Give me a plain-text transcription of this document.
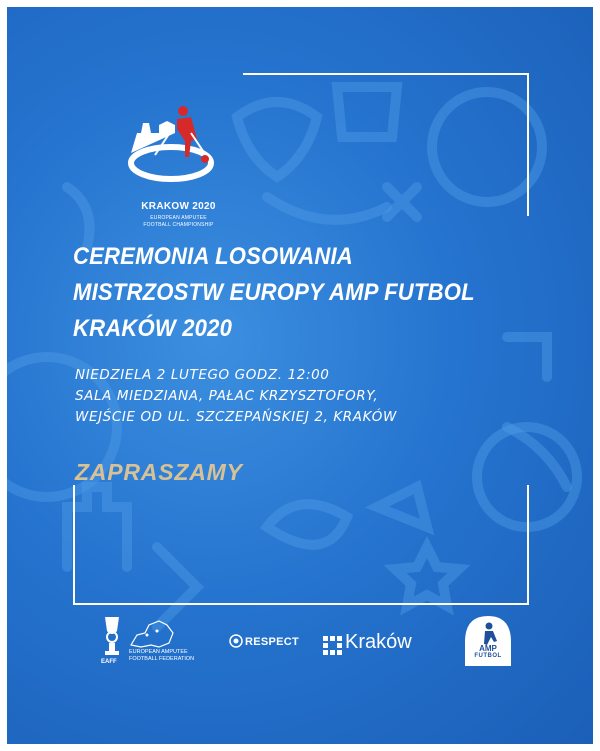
KRAKOW 2020
EUROPEAN AMPUTEE
FOOTBALL CHAMPIONSHIP
CEREMONIA LOSOWANIA
MISTRZOSTW EUROPY AMP FUTBOL
KRAKÓW 2020
NIEDZIELA 2 LUTEGO GODZ. 12:00
SALA MIEDZIANA, PAŁAC KRZYSZTOFORY,
WEJŚCIE OD UL. SZCZEPAŃSKIEJ 2, KRAKÓW
ZAPRASZAMY
EAFF
EUROPEAN AMPUTEE
FOOTBALL FEDERATION
RESPECT Kraków	AMP
FUTBOL
